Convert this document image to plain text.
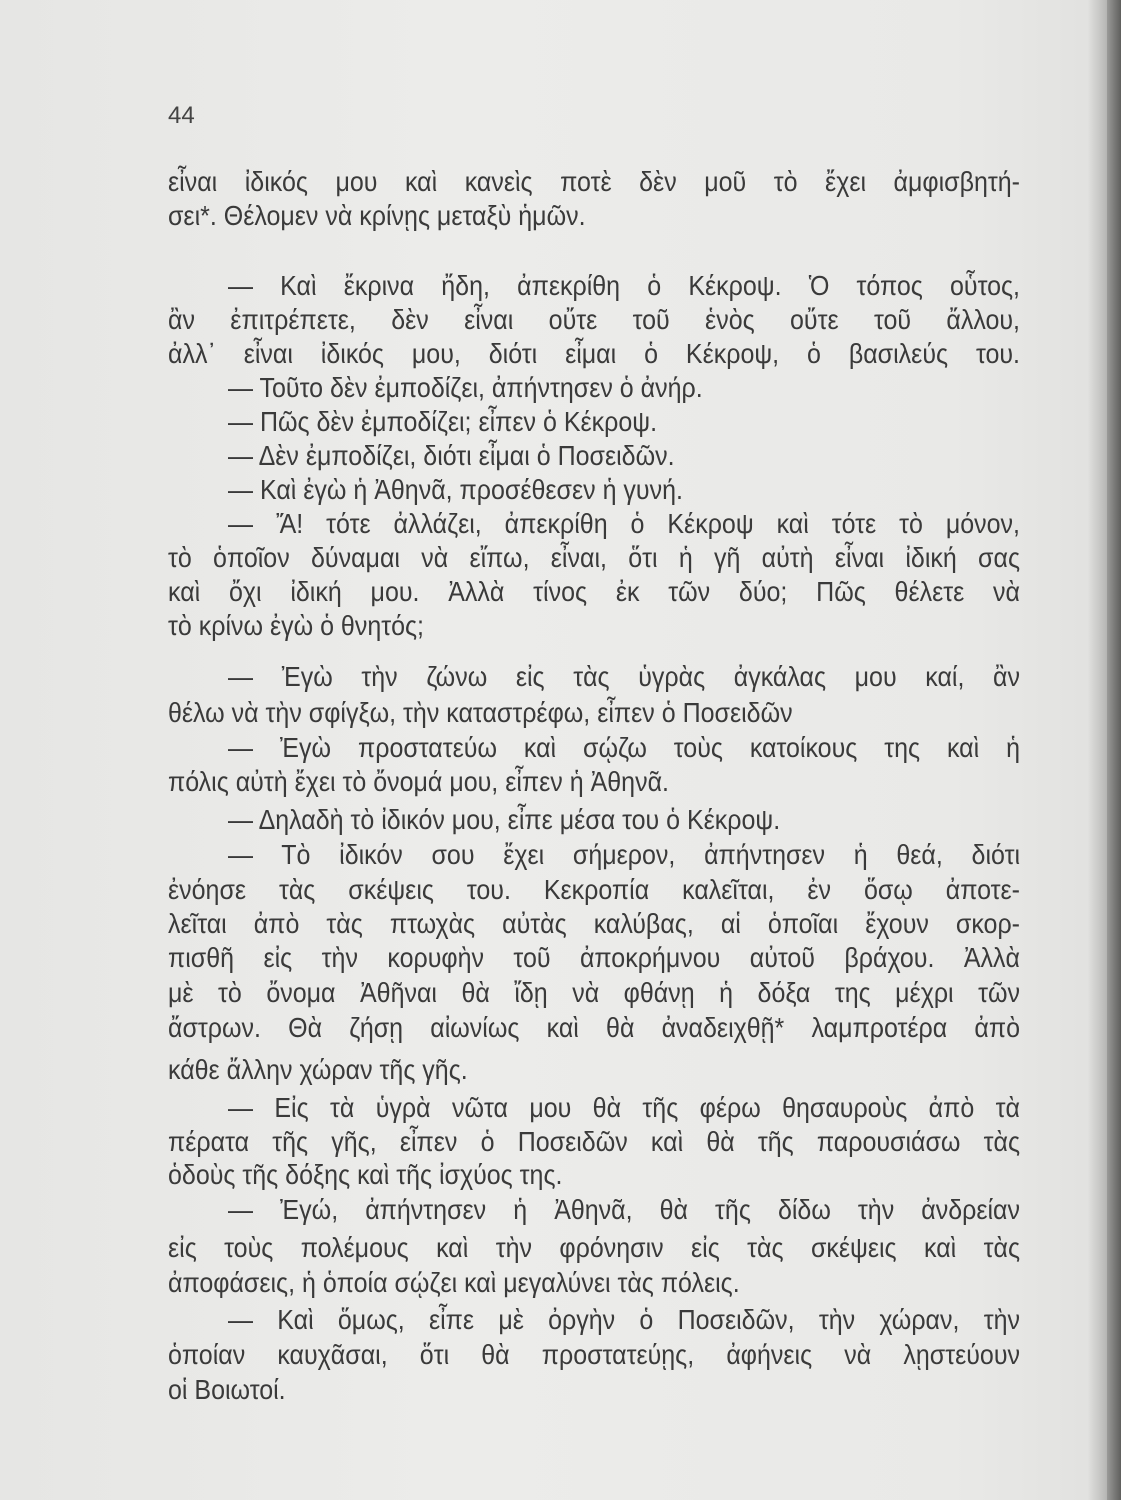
44
εἶναι ἰδικός μου καὶ κανεὶς ποτὲ δὲν μοῦ τὸ ἔχει ἀμφισβητή-
σει*. Θέλομεν νὰ κρίνῃς μεταξὺ ἡμῶν.
— Καὶ ἔκρινα ἤδη, ἀπεκρίθη ὁ Κέκροψ. Ὁ τόπος οὗτος,
ἂν ἐπιτρέπετε, δὲν εἶναι οὔτε τοῦ ἑνὸς οὔτε τοῦ ἄλλου,
ἀλλ᾽ εἶναι ἰδικός μου, διότι εἶμαι ὁ Κέκροψ, ὁ βασιλεύς του.
— Τοῦτο δὲν ἐμποδίζει, ἀπήντησεν ὁ ἀνήρ.
— Πῶς δὲν ἐμποδίζει; εἶπεν ὁ Κέκροψ.
— Δὲν ἐμποδίζει, διότι εἶμαι ὁ Ποσειδῶν.
— Καὶ ἐγὼ ἡ Ἀθηνᾶ, προσέθεσεν ἡ γυνή.
— Ἄ! τότε ἀλλάζει, ἀπεκρίθη ὁ Κέκροψ καὶ τότε τὸ μόνον,
τὸ ὁποῖον δύναμαι νὰ εἴπω, εἶναι, ὅτι ἡ γῆ αὐτὴ εἶναι ἰδική σας
καὶ ὄχι ἰδική μου. Ἀλλὰ τίνος ἐκ τῶν δύο; Πῶς θέλετε νὰ
τὸ κρίνω ἐγὼ ὁ θνητός;
— Ἐγὼ τὴν ζώνω εἰς τὰς ὑγρὰς ἀγκάλας μου καί, ἂν
θέλω νὰ τὴν σφίγξω, τὴν καταστρέφω, εἶπεν ὁ Ποσειδῶν
— Ἐγὼ προστατεύω καὶ σῴζω τοὺς κατοίκους της καὶ ἡ
πόλις αὐτὴ ἔχει τὸ ὄνομά μου, εἶπεν ἡ Ἀθηνᾶ.
— Δηλαδὴ τὸ ἰδικόν μου, εἶπε μέσα του ὁ Κέκροψ.
— Τὸ ἰδικόν σου ἔχει σήμερον, ἀπήντησεν ἡ θεά, διότι
ἐνόησε τὰς σκέψεις του. Κεκροπία καλεῖται, ἐν ὅσῳ ἀποτε-
λεῖται ἀπὸ τὰς πτωχὰς αὐτὰς καλύβας, αἱ ὁποῖαι ἔχουν σκορ-
πισθῆ εἰς τὴν κορυφὴν τοῦ ἀποκρήμνου αὐτοῦ βράχου. Ἀλλὰ
μὲ τὸ ὄνομα Ἀθῆναι θὰ ἴδῃ νὰ φθάνῃ ἡ δόξα της μέχρι τῶν
ἄστρων. Θὰ ζήσῃ αἰωνίως καὶ θὰ ἀναδειχθῇ* λαμπροτέρα ἀπὸ
κάθε ἄλλην χώραν τῆς γῆς.
— Εἰς τὰ ὑγρὰ νῶτα μου θὰ τῆς φέρω θησαυροὺς ἀπὸ τὰ
πέρατα τῆς γῆς, εἶπεν ὁ Ποσειδῶν καὶ θὰ τῆς παρουσιάσω τὰς
ὁδοὺς τῆς δόξης καὶ τῆς ἰσχύος της.
— Ἐγώ, ἀπήντησεν ἡ Ἀθηνᾶ, θὰ τῆς δίδω τὴν ἀνδρείαν
εἰς τοὺς πολέμους καὶ τὴν φρόνησιν εἰς τὰς σκέψεις καὶ τὰς
ἀποφάσεις, ἡ ὁποία σῴζει καὶ μεγαλύνει τὰς πόλεις.
— Καὶ ὅμως, εἶπε μὲ ὀργὴν ὁ Ποσειδῶν, τὴν χώραν, τὴν
ὁποίαν καυχᾶσαι, ὅτι θὰ προστατεύῃς, ἀφήνεις νὰ λῃστεύουν
οἱ Βοιωτοί.
